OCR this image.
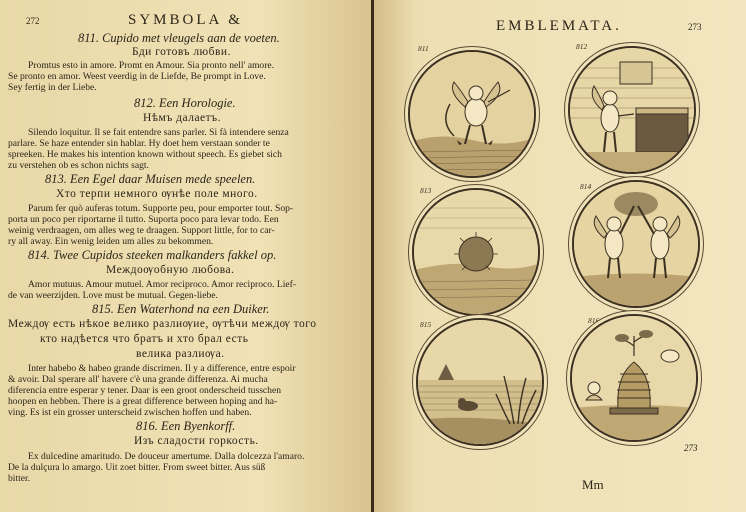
272	SYMBOLA &
811. Cupido met vleugels aan de voeten.
Бди готовъ любви.
Promtus esto in amore. Promt en Amour. Sia pronto nell' amore.
Se pronto en amor. Weest veerdig in de Liefde, Be prompt in Love.
Sey fertig in der Liebe.
812. Een Horologie.
Нѣмъ далаетъ.
Silendo loquitur. Il se fait entendre sans parler. Si fà intendere senza
parlare. Se haze entender sin hablar. Hy doet hem verstaan sonder te
spreeken. He makes his intention known without speech. Es giebet sich
zu verstehen ob es schon nichts sagt.
813. Een Egel daar Muisen mede speelen.
Хто терпи немного ѹнѣе поле много.
Parum fer quò auferas totum. Supporte peu, pour emporter tout. Sop-
porta un poco per riportarne il tutto. Suporta poco para levar todo. Een
weinig verdraagen, om alles weg te draagen. Support little, for to car-
ry all away. Ein wenig leiden um alles zu bekommen.
814. Twee Cupidos steeken malkanders fakkel op.
Междоѹобную любова.
Amor mutuus. Amour mutuel. Amor reciproco. Amor reciproco. Lief-
de van weerzijden. Love must be mutual. Gegen-liebe.
815. Een Waterhond na een Duiker.
Междѹ есть нѣкое велико разлиѹие, ѹтѣчи междѹ того
кто надѣется что братъ и хто брал есть
велика разлиѹа.
Inter habebo & habeo grande discrimen. Il y a difference, entre espoir
& avoir. Dal sperare all' havere c'è una grande differenza. Ai mucha
diferencia entre esperar y tener. Daar is een groot onderscheid tusschen
hoopen en hebben. There is a great difference between hoping and ha-
ving. Es ist ein grosser unterscheid zwischen hoffen und haben.
816. Een Byenkorff.
Изъ сладости горкость.
Ex dulcedine amaritudo. De douceur amertume. Dalla dolcezza l'amaro.
De la dulçura lo amargo. Uit zoet bitter. From sweet bitter. Aus süß
bitter.
EMBLEMATA.	273
811	812
813	814
815	816
273
Mm
